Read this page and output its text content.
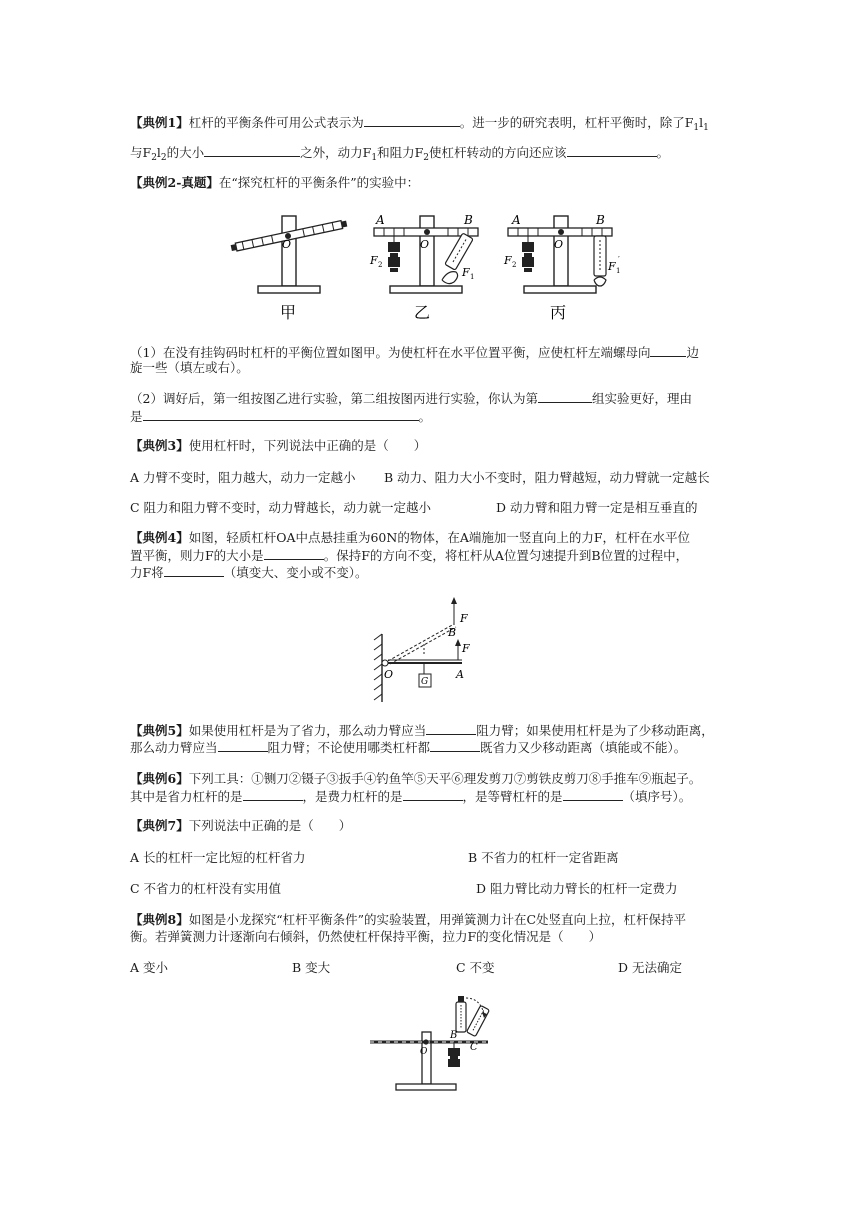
【典例1】杠杆的平衡条件可用公式表示为	。进一步的研究表明，杠杆平衡时，除了$F_1l_1$
与$F_2l_2$的大小	之外，动力$F_1$和阻力$F_2$使杠杆转动的方向还应该	。
【典例2-真题】在“探究杠杆的平衡条件”的实验中：
O
甲
A	B
O
F 2
F 1
乙
A	B
O
F 2	F 1
′
丙
（1）在没有挂钩码时杠杆的平衡位置如图甲。为使杠杆在水平位置平衡，应使杠杆左端螺母向	边
旋一些（填左或右）。
（2）调好后，第一组按图乙进行实验，第二组按图丙进行实验，你认为第	组实验更好，理由
是	。
【典例3】使用杠杆时，下列说法中正确的是（　　）
A 力臂不变时，阻力越大，动力一定越小 B 动力、阻力大小不变时，阻力臂越短，动力臂就一定越长
C 阻力和阻力臂不变时，动力臂越长，动力就一定越小	D 动力臂和阻力臂一定是相互垂直的
【典例4】如图，轻质杠杆OA中点悬挂重为60N的物体，在A端施加一竖直向上的力F，杠杆在水平位
置平衡，则力F的大小是	。保持F的方向不变，将杠杆从A位置匀速提升到B位置的过程中，
力F将	（填变大、变小或不变）。
G
F
B
F
O	A
【典例5】如果使用杠杆是为了省力，那么动力臂应当	阻力臂；如果使用杠杆是为了少移动距离，
那么动力臂应当	阻力臂；不论使用哪类杠杆都	既省力又少移动距离（填能或不能）。
【典例6】下列工具：①铡刀②镊子③扳手④钓鱼竿⑤天平⑥理发剪刀⑦剪铁皮剪刀⑧手推车⑨瓶起子。
其中是省力杠杆的是	，是费力杠杆的是	，是等臂杠杆的是	（填序号）。
【典例7】下列说法中正确的是（　　）
A 长的杠杆一定比短的杠杆省力	B 不省力的杠杆一定省距离
C 不省力的杠杆没有实用值	D 阻力臂比动力臂长的杠杆一定费力
【典例8】如图是小龙探究“杠杆平衡条件”的实验装置，用弹簧测力计在C处竖直向上拉，杠杆保持平
衡。若弹簧测力计逐渐向右倾斜，仍然使杠杆保持平衡，拉力F的变化情况是（　　）
A 变小	B 变大	C 不变	D 无法确定
O
B
C
